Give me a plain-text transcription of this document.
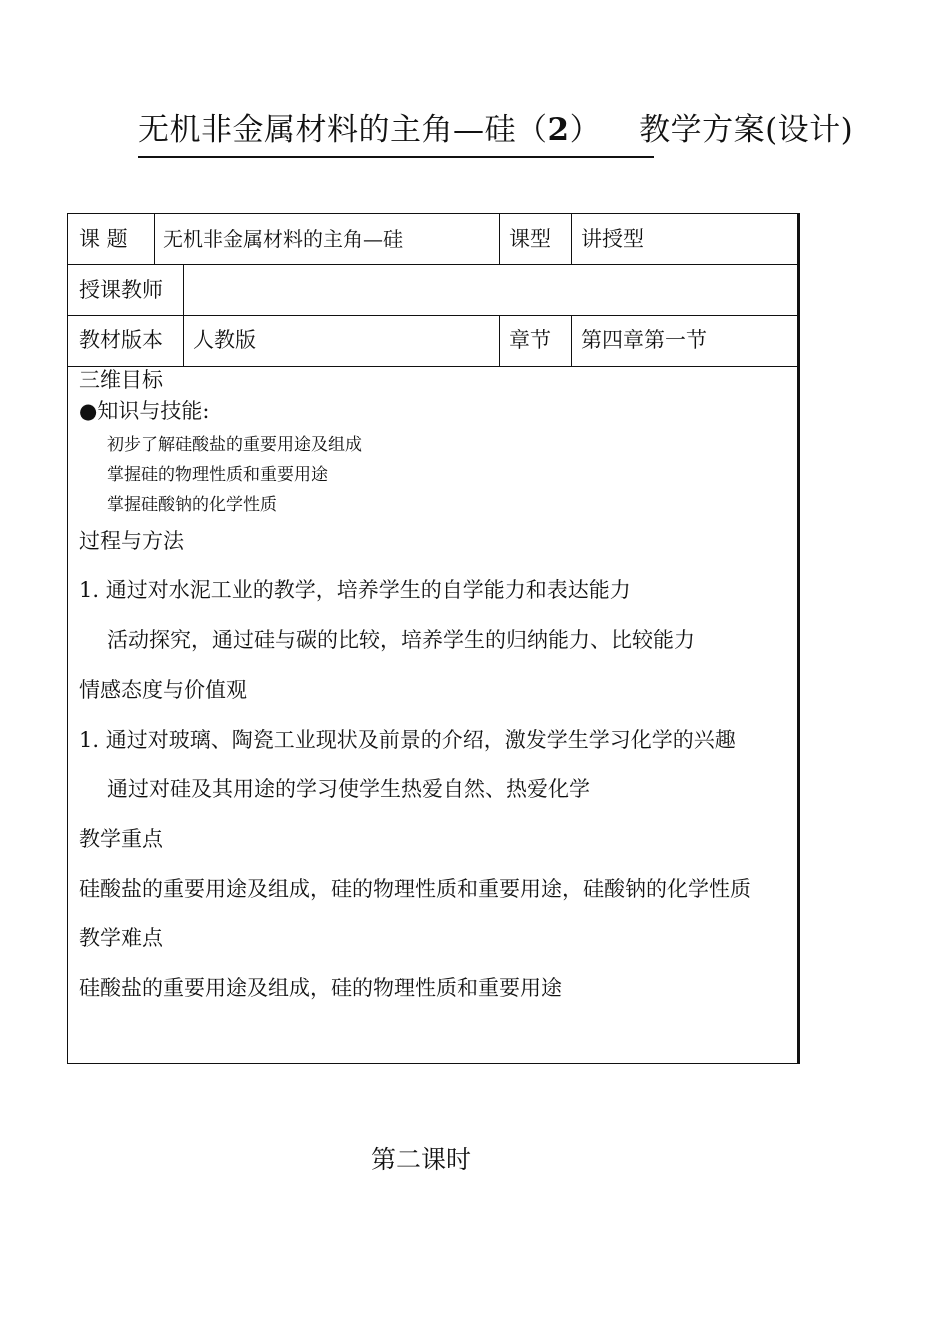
无机非金属材料的主角—硅（2） 教学方案(设计)
课 题 无机非金属材料的主角—硅	课型 讲授型
授课教师
教材版本 人教版	章节 第四章第一节
三维目标
●知识与技能:
初步了解硅酸盐的重要用途及组成
掌握硅的物理性质和重要用途
掌握硅酸钠的化学性质
过程与方法
1. 通过对水泥工业的教学，培养学生的自学能力和表达能力
活动探究，通过硅与碳的比较，培养学生的归纳能力、比较能力
情感态度与价值观
1. 通过对玻璃、陶瓷工业现状及前景的介绍，激发学生学习化学的兴趣
通过对硅及其用途的学习使学生热爱自然、热爱化学
教学重点
硅酸盐的重要用途及组成，硅的物理性质和重要用途，硅酸钠的化学性质
教学难点
硅酸盐的重要用途及组成，硅的物理性质和重要用途
第二课时
